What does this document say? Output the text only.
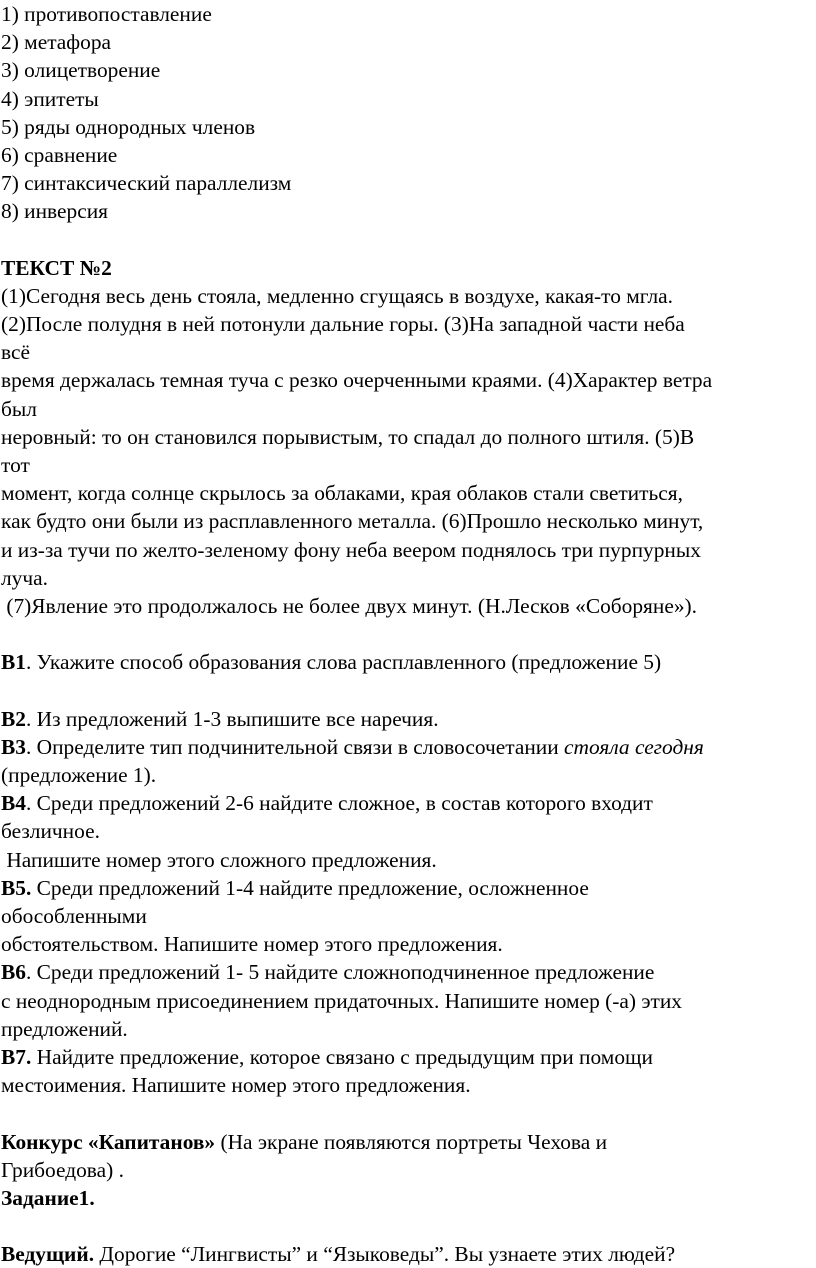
1) противопоставление
2) метафора
3) олицетворение
4) эпитеты
5) ряды однородных членов
6) сравнение
7) синтаксический параллелизм
8) инверсия
ТЕКСТ №2
(1)Сегодня весь день стояла, медленно сгущаясь в воздухе, какая-то мгла.
(2)После полудня в ней потонули дальние горы. (3)На западной части неба
всё
время держалась темная туча с резко очерченными краями. (4)Характер ветра
был
неровный: то он становился порывистым, то спадал до полного штиля. (5)В
тот
момент, когда солнце скрылось за облаками, края облаков стали светиться,
как будто они были из расплавленного металла. (6)Прошло несколько минут,
и из-за тучи по желто-зеленому фону неба веером поднялось три пурпурных
луча.
(7)Явление это продолжалось не более двух минут. (Н.Лесков «Соборяне»).
В1. Укажите способ образования слова расплавленного (предложение 5)
В2. Из предложений 1-3 выпишите все наречия.
В3. Определите тип подчинительной связи в словосочетании стояла сегодня
(предложение 1).
В4. Среди предложений 2-6 найдите сложное, в состав которого входит
безличное.
Напишите номер этого сложного предложения.
В5. Среди предложений 1-4 найдите предложение, осложненное
обособленными
обстоятельством. Напишите номер этого предложения.
В6. Среди предложений 1- 5 найдите сложноподчиненное предложение
с неоднородным присоединением придаточных. Напишите номер (-а) этих
предложений.
В7. Найдите предложение, которое связано с предыдущим при помощи
местоимения. Напишите номер этого предложения.
Конкурс «Капитанов» (На экране появляются портреты Чехова и
Грибоедова) .
Задание1.
Ведущий. Дорогие “Лингвисты” и “Языковеды”. Вы узнаете этих людей?
